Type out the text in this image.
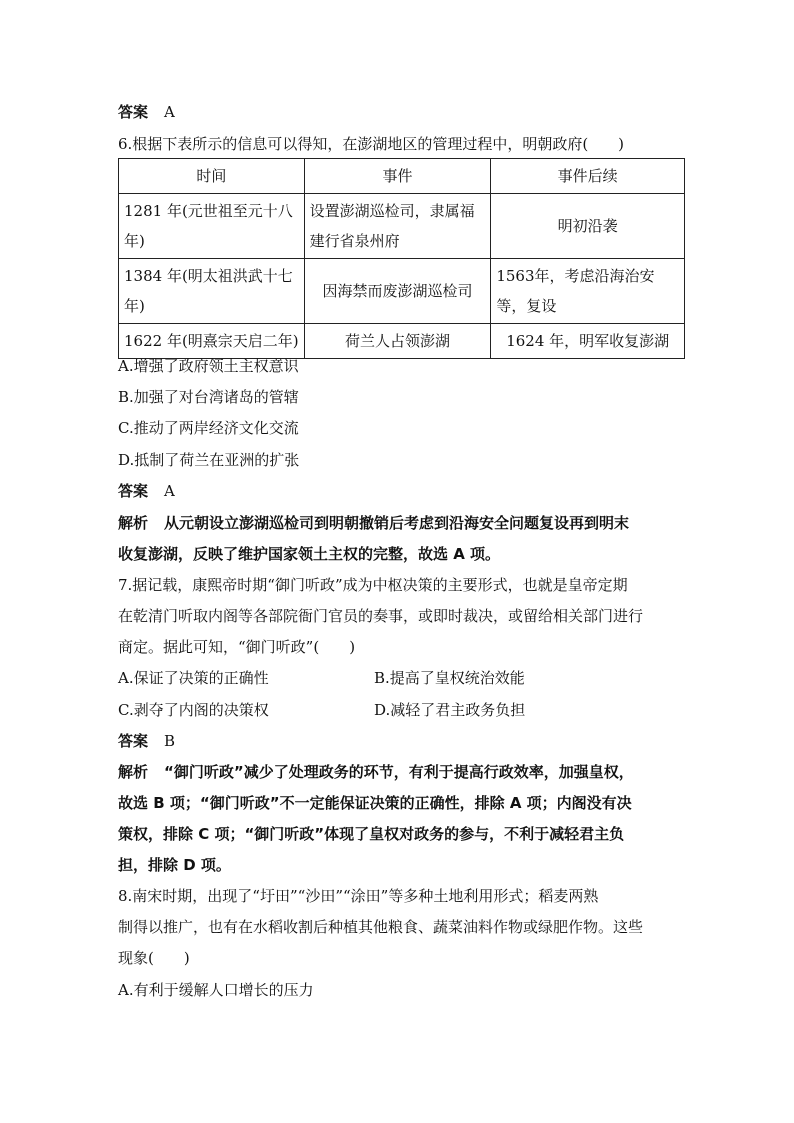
答案 A
6.根据下表所示的信息可以得知，在澎湖地区的管理过程中，明朝政府(　　)
时间	事件	事件后续
1281 年(元世祖至元十八年)	设置澎湖巡检司，隶属福建行省泉州府	明初沿袭
1384 年(明太祖洪武十七年)	因海禁而废澎湖巡检司	1563年，考虑沿海治安等，复设
1622 年(明熹宗天启二年)	荷兰人占领澎湖	1624 年，明军收复澎湖
A.增强了政府领土主权意识
B.加强了对台湾诸岛的管辖
C.推动了两岸经济文化交流
D.抵制了荷兰在亚洲的扩张
答案 A
解析 从元朝设立澎湖巡检司到明朝撤销后考虑到沿海安全问题复设再到明末
收复澎湖，反映了维护国家领土主权的完整，故选 A 项。
7.据记载，康熙帝时期“御门听政”成为中枢决策的主要形式，也就是皇帝定期
在乾清门听取内阁等各部院衙门官员的奏事，或即时裁决，或留给相关部门进行
商定。据此可知，“御门听政”(　　)
A.保证了决策的正确性	B.提高了皇权统治效能
C.剥夺了内阁的决策权	D.减轻了君主政务负担
答案 B
解析 “御门听政”减少了处理政务的环节，有利于提高行政效率，加强皇权，
故选 B 项；“御门听政”不一定能保证决策的正确性，排除 A 项；内阁没有决
策权，排除 C 项；“御门听政”体现了皇权对政务的参与，不利于减轻君主负
担，排除 D 项。
8.南宋时期，出现了“圩田”“沙田”“涂田”等多种土地利用形式；稻麦两熟
制得以推广，也有在水稻收割后种植其他粮食、蔬菜油料作物或绿肥作物。这些
现象(　　)
A.有利于缓解人口增长的压力
